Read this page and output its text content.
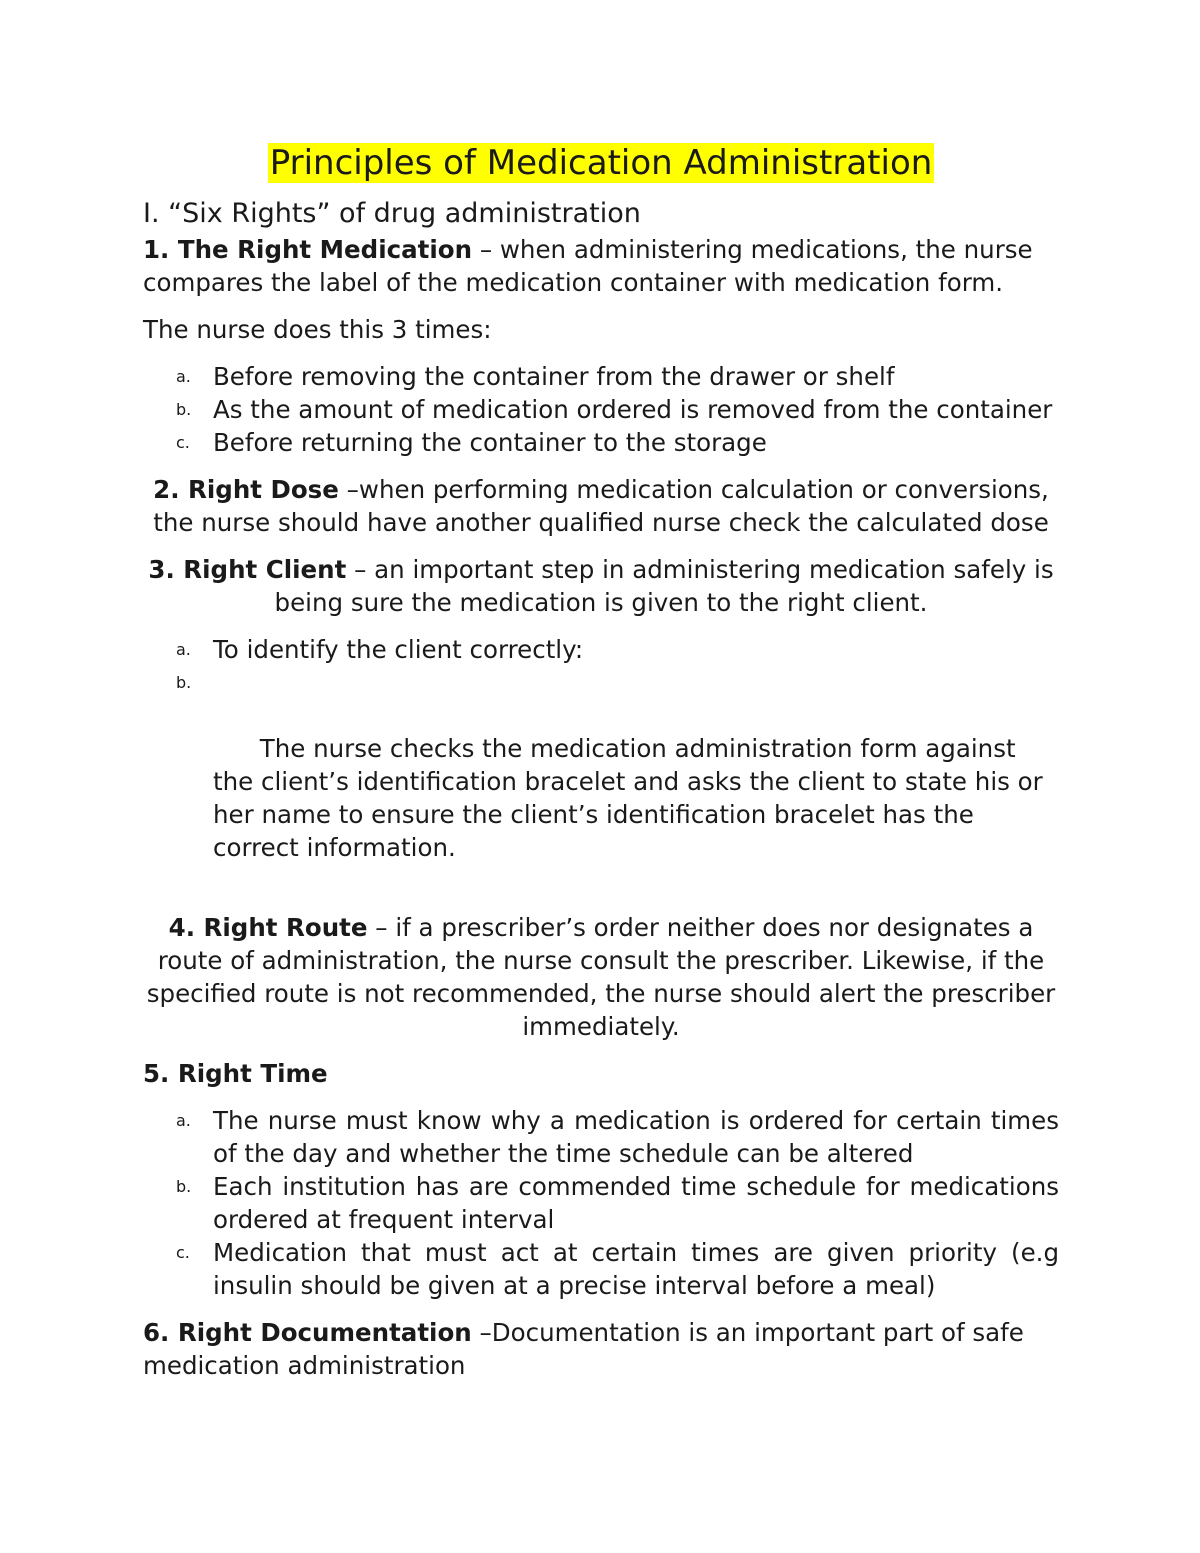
Principles of Medication Administration

I. “Six Rights” of drug administration

1. The Right Medication – when administering medications, the nurse compares the label of the medication container with medication form.

The nurse does this 3 times:

a. Before removing the container from the drawer or shelf
b. As the amount of medication ordered is removed from the container
c. Before returning the container to the storage

2. Right Dose –when performing medication calculation or conversions, the nurse should have another qualified nurse check the calculated dose

3. Right Client – an important step in administering medication safely is being sure the medication is given to the right client.

a. To identify the client correctly:

b.

The nurse checks the medication administration form against the client’s identification bracelet and asks the client to state his or      her name to ensure the client’s identification bracelet has the correct information.

4. Right Route – if a prescriber’s order neither does nor designates a route of administration, the nurse consult the prescriber. Likewise, if the specified route is not recommended, the nurse should alert the prescriber immediately.

5. Right Time

a. The nurse must know why a medication is ordered for certain times of the day and whether the time schedule can be altered
b. Each institution has are commended time schedule for medications ordered at frequent interval
c. Medication that must act at certain times are given priority (e.g insulin should be given at a precise interval before a meal)

6. Right Documentation –Documentation is an important part of safe medication administration
